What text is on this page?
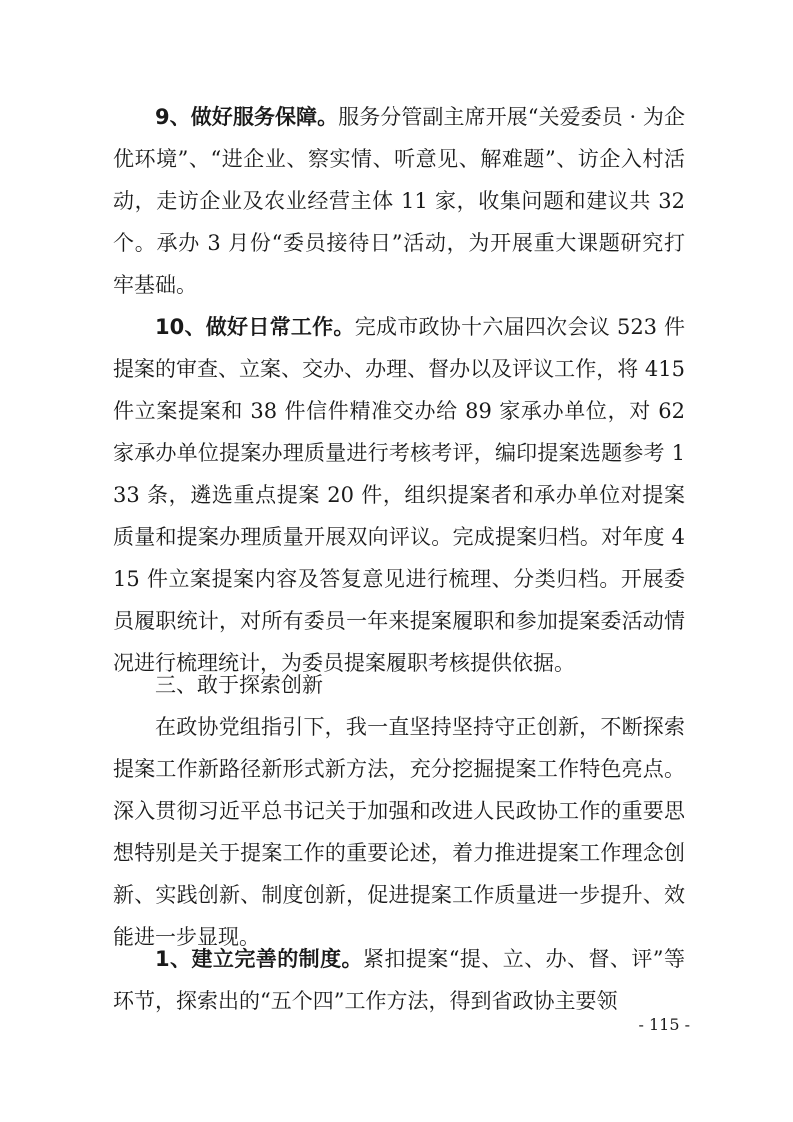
9、做好服务保障。服务分管副主席开展“关爱委员 · 为企优环境”、“进企业、察实情、听意见、解难题”、访企入村活动，走访企业及农业经营主体 11 家，收集问题和建议共 32 个。承办 3 月份“委员接待日”活动，为开展重大课题研究打牢基础。

10、做好日常工作。完成市政协十六届四次会议 523 件提案的审查、立案、交办、办理、督办以及评议工作，将 415 件立案提案和 38 件信件精准交办给 89 家承办单位，对 62 家承办单位提案办理质量进行考核考评，编印提案选题参考 133 条，遴选重点提案 20 件，组织提案者和承办单位对提案质量和提案办理质量开展双向评议。完成提案归档。对年度 415 件立案提案内容及答复意见进行梳理、分类归档。开展委员履职统计，对所有委员一年来提案履职和参加提案委活动情况进行梳理统计，为委员提案履职考核提供依据。

三、敢于探索创新

在政协党组指引下，我一直坚持坚持守正创新，不断探索提案工作新路径新形式新方法，充分挖掘提案工作特色亮点。深入贯彻习近平总书记关于加强和改进人民政协工作的重要思想特别是关于提案工作的重要论述，着力推进提案工作理念创新、实践创新、制度创新，促进提案工作质量进一步提升、效能进一步显现。

1、建立完善的制度。紧扣提案“提、立、办、督、评”等环节，探索出的“五个四”工作方法，得到省政协主要领

- 115 -
